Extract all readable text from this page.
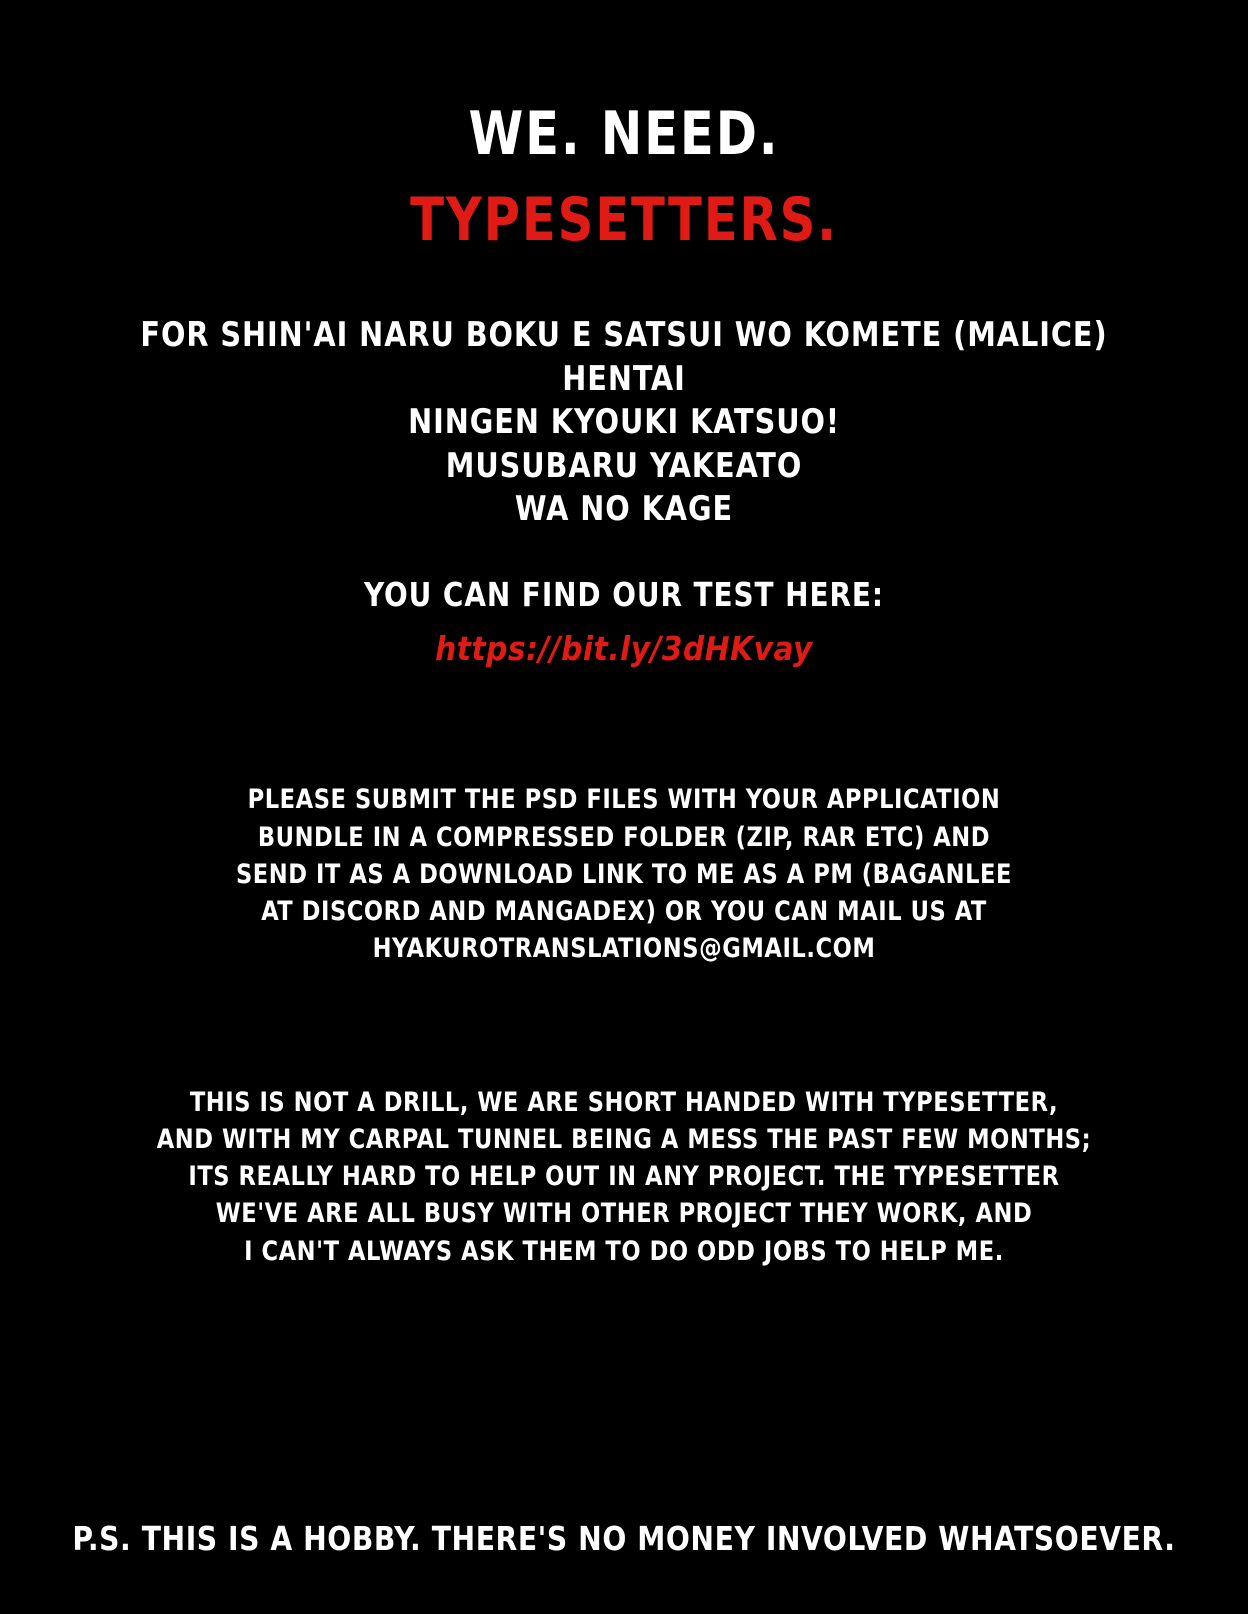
WE. NEED.
TYPESETTERS.
FOR SHIN'AI NARU BOKU E SATSUI WO KOMETE (MALICE)
HENTAI
NINGEN KYOUKI KATSUO!
MUSUBARU YAKEATO
WA NO KAGE
YOU CAN FIND OUR TEST HERE:
https://bit.ly/3dHKvay
PLEASE SUBMIT THE PSD FILES WITH YOUR APPLICATION
BUNDLE IN A COMPRESSED FOLDER (ZIP, RAR ETC) AND
SEND IT AS A DOWNLOAD LINK TO ME AS A PM (BAGANLEE
AT DISCORD AND MANGADEX) OR YOU CAN MAIL US AT
HYAKUROTRANSLATIONS@GMAIL.COM
THIS IS NOT A DRILL, WE ARE SHORT HANDED WITH TYPESETTER,
AND WITH MY CARPAL TUNNEL BEING A MESS THE PAST FEW MONTHS;
ITS REALLY HARD TO HELP OUT IN ANY PROJECT. THE TYPESETTER
WE'VE ARE ALL BUSY WITH OTHER PROJECT THEY WORK, AND
I CAN'T ALWAYS ASK THEM TO DO ODD JOBS TO HELP ME.
P.S. THIS IS A HOBBY. THERE'S NO MONEY INVOLVED WHATSOEVER.
